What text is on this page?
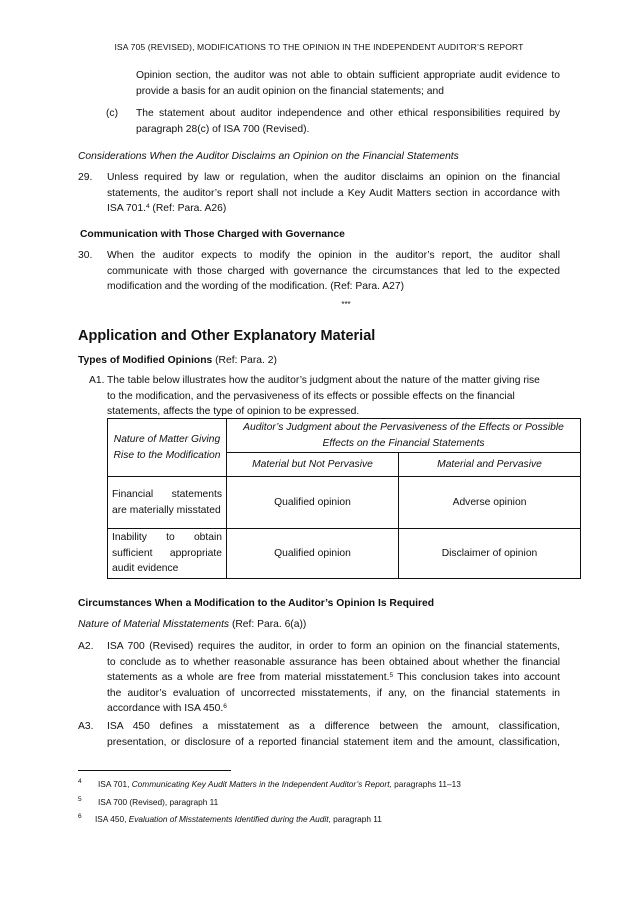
ISA 705 (REVISED), MODIFICATIONS TO THE OPINION IN THE INDEPENDENT AUDITOR’S REPORT
Opinion section, the auditor was not able to obtain sufficient appropriate audit evidence to
provide a basis for an audit opinion on the financial statements; and
(c) The statement about auditor independence and other ethical responsibilities required by
paragraph 28(c) of ISA 700 (Revised).
Considerations When the Auditor Disclaims an Opinion on the Financial Statements
29. Unless required by law or regulation, when the auditor disclaims an opinion on the financial
statements, the auditor’s report shall not include a Key Audit Matters section in accordance with
ISA 701.$^4$ (Ref: Para. A26)
Communication with Those Charged with Governance
30. When the auditor expects to modify the opinion in the auditor’s report, the auditor shall
communicate with those charged with governance the circumstances that led to the expected
modification and the wording of the modification. (Ref: Para. A27)
***
Application and Other Explanatory Material
Types of Modified Opinions (Ref: Para. 2)
A1. The table below illustrates how the auditor’s judgment about the nature of the matter giving rise
to the modification, and the pervasiveness of its effects or possible effects on the financial
statements, affects the type of opinion to be expressed.
Nature of Matter Giving Rise to the Modification	Auditor’s Judgment about the Pervasiveness of the Effects or Possible Effects on the Financial Statements	
	Material but Not Pervasive	Material and Pervasive
Financial statements are materially misstated	Qualified opinion	Adverse opinion
Inability to obtain sufficient appropriate audit evidence	Qualified opinion	Disclaimer of opinion
Circumstances When a Modification to the Auditor’s Opinion Is Required
Nature of Material Misstatements (Ref: Para. 6(a))
A2. ISA 700 (Revised) requires the auditor, in order to form an opinion on the financial statements,
to conclude as to whether reasonable assurance has been obtained about whether the financial
statements as a whole are free from material misstatement.$^5$ This conclusion takes into account
the auditor’s evaluation of uncorrected misstatements, if any, on the financial statements in
accordance with ISA 450.$^6$
A3. ISA 450 defines a misstatement as a difference between the amount, classification,
presentation, or disclosure of a reported financial statement item and the amount, classification,
4 ISA 701, Communicating Key Audit Matters in the Independent Auditor’s Report, paragraphs 11–13
5 ISA 700 (Revised), paragraph 11
6 ISA 450, Evaluation of Misstatements Identified during the Audit, paragraph 11
